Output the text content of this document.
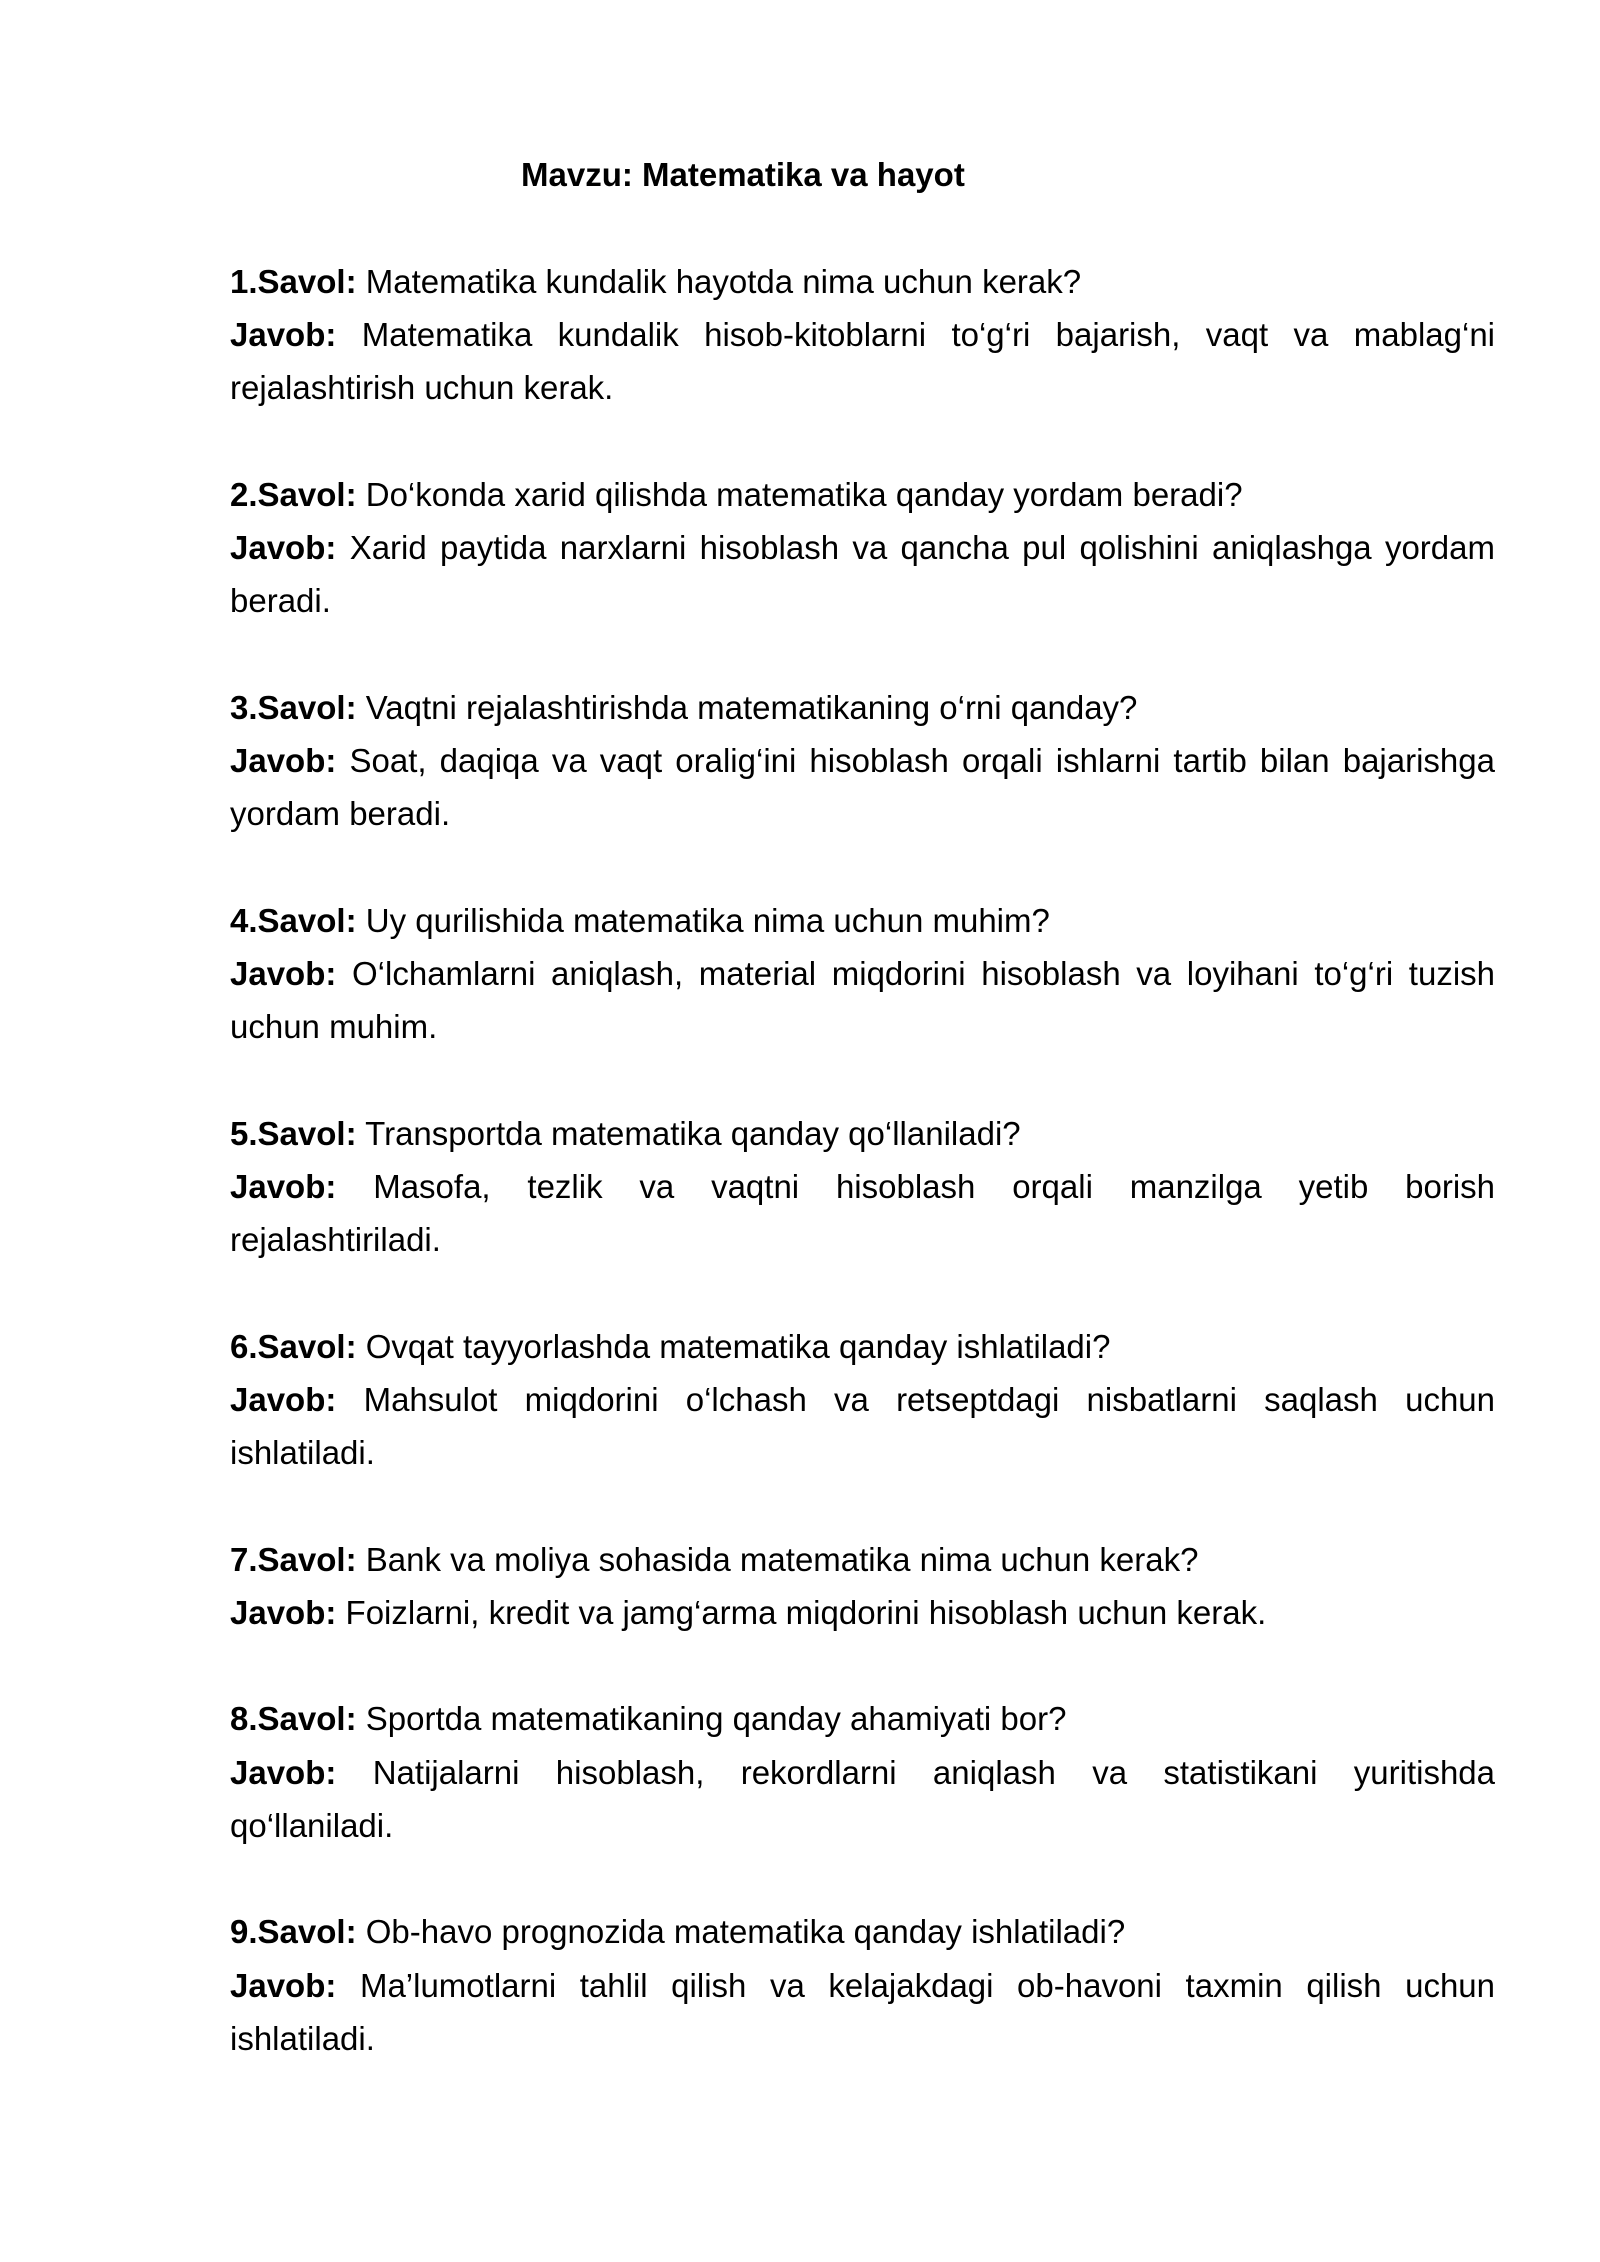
Mavzu: Matematika va hayot
1.Savol: Matematika kundalik hayotda nima uchun kerak?
Javob: Matematika kundalik hisob-kitoblarni to‘g‘ri bajarish, vaqt va mablag‘ni
rejalashtirish uchun kerak.
2.Savol: Do‘konda xarid qilishda matematika qanday yordam beradi?
Javob: Xarid paytida narxlarni hisoblash va qancha pul qolishini aniqlashga yordam
beradi.
3.Savol: Vaqtni rejalashtirishda matematikaning o‘rni qanday?
Javob: Soat, daqiqa va vaqt oralig‘ini hisoblash orqali ishlarni tartib bilan bajarishga
yordam beradi.
4.Savol: Uy qurilishida matematika nima uchun muhim?
Javob: O‘lchamlarni aniqlash, material miqdorini hisoblash va loyihani to‘g‘ri tuzish
uchun muhim.
5.Savol: Transportda matematika qanday qo‘llaniladi?
Javob: Masofa, tezlik va vaqtni hisoblash orqali manzilga yetib borish
rejalashtiriladi.
6.Savol: Ovqat tayyorlashda matematika qanday ishlatiladi?
Javob: Mahsulot miqdorini o‘lchash va retseptdagi nisbatlarni saqlash uchun
ishlatiladi.
7.Savol: Bank va moliya sohasida matematika nima uchun kerak?
Javob: Foizlarni, kredit va jamg‘arma miqdorini hisoblash uchun kerak.
8.Savol: Sportda matematikaning qanday ahamiyati bor?
Javob: Natijalarni hisoblash, rekordlarni aniqlash va statistikani yuritishda
qo‘llaniladi.
9.Savol: Ob-havo prognozida matematika qanday ishlatiladi?
Javob: Ma’lumotlarni tahlil qilish va kelajakdagi ob-havoni taxmin qilish uchun
ishlatiladi.
